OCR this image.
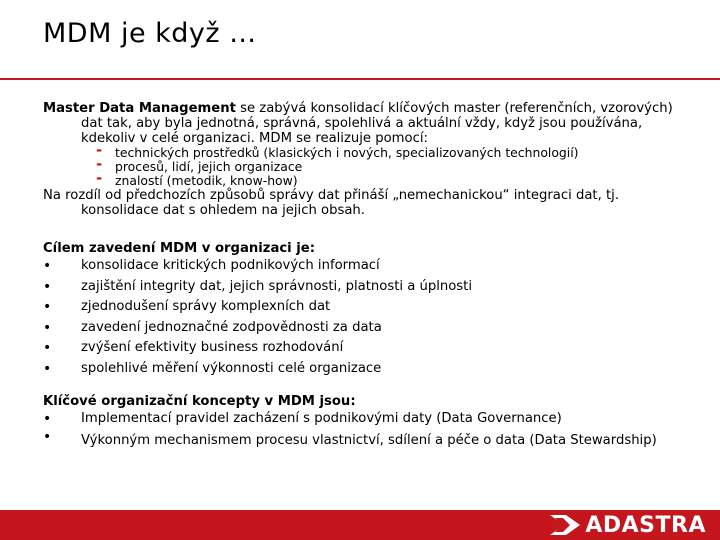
MDM je když …

Master Data Management se zabývá konsolidací klíčových master (referenčních, vzorových) dat tak, aby byla jednotná, správná, spolehlivá a aktuální vždy, když jsou používána, kdekoliv v celé organizaci. MDM se realizuje pomocí:

- technických prostředků (klasických i nových, specializovaných technologií)
- procesů, lidí, jejich organizace
- znalostí (metodik, know-how)

Na rozdíl od předchozích způsobů správy dat přináší „nemechanickou“ integraci dat, tj. konsolidace dat s ohledem na jejich obsah.

Cílem zavedení MDM v organizaci je:

• konsolidace kritických podnikových informací
• zajištění integrity dat, jejich správnosti, platnosti a úplnosti
• zjednodušení správy komplexních dat
• zavedení jednoznačné zodpovědnosti za data
• zvýšení efektivity business rozhodování
• spolehlivé měření výkonnosti celé organizace

Klíčové organizační koncepty v MDM jsou:

• Implementací pravidel zacházení s podnikovými daty (Data Governance)
• Výkonným mechanismem procesu vlastnictví, sdílení a péče o data (Data Stewardship)
ADASTRA
